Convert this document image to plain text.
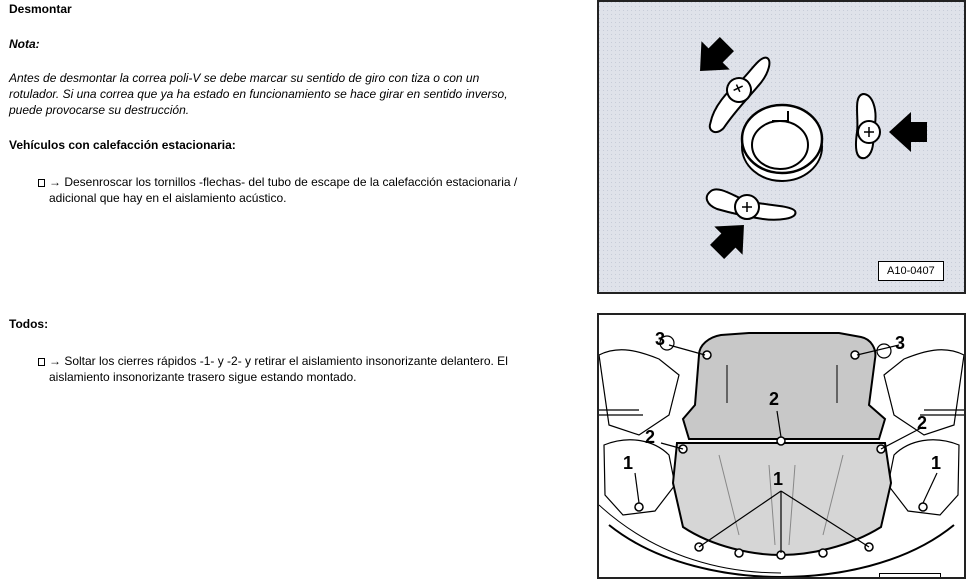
Desmontar
Nota:
Antes de desmontar la correa poli-V se debe marcar su sentido de giro con tiza o con un
rotulador. Si una correa que ya ha estado en funcionamiento se hace girar en sentido inverso,
puede provocarse su destrucción.
Vehículos con calefacción estacionaria:
→ Desenroscar los tornillos -flechas- del tubo de escape de la calefacción estacionaria /
adicional que hay en el aislamiento acústico.
Todos:
→ Soltar los cierres rápidos -1- y -2- y retirar el aislamiento insonorizante delantero. El
aislamiento insonorizante trasero sigue estando montado.
A10-0407
3	3
2
2
2
1	1
1
